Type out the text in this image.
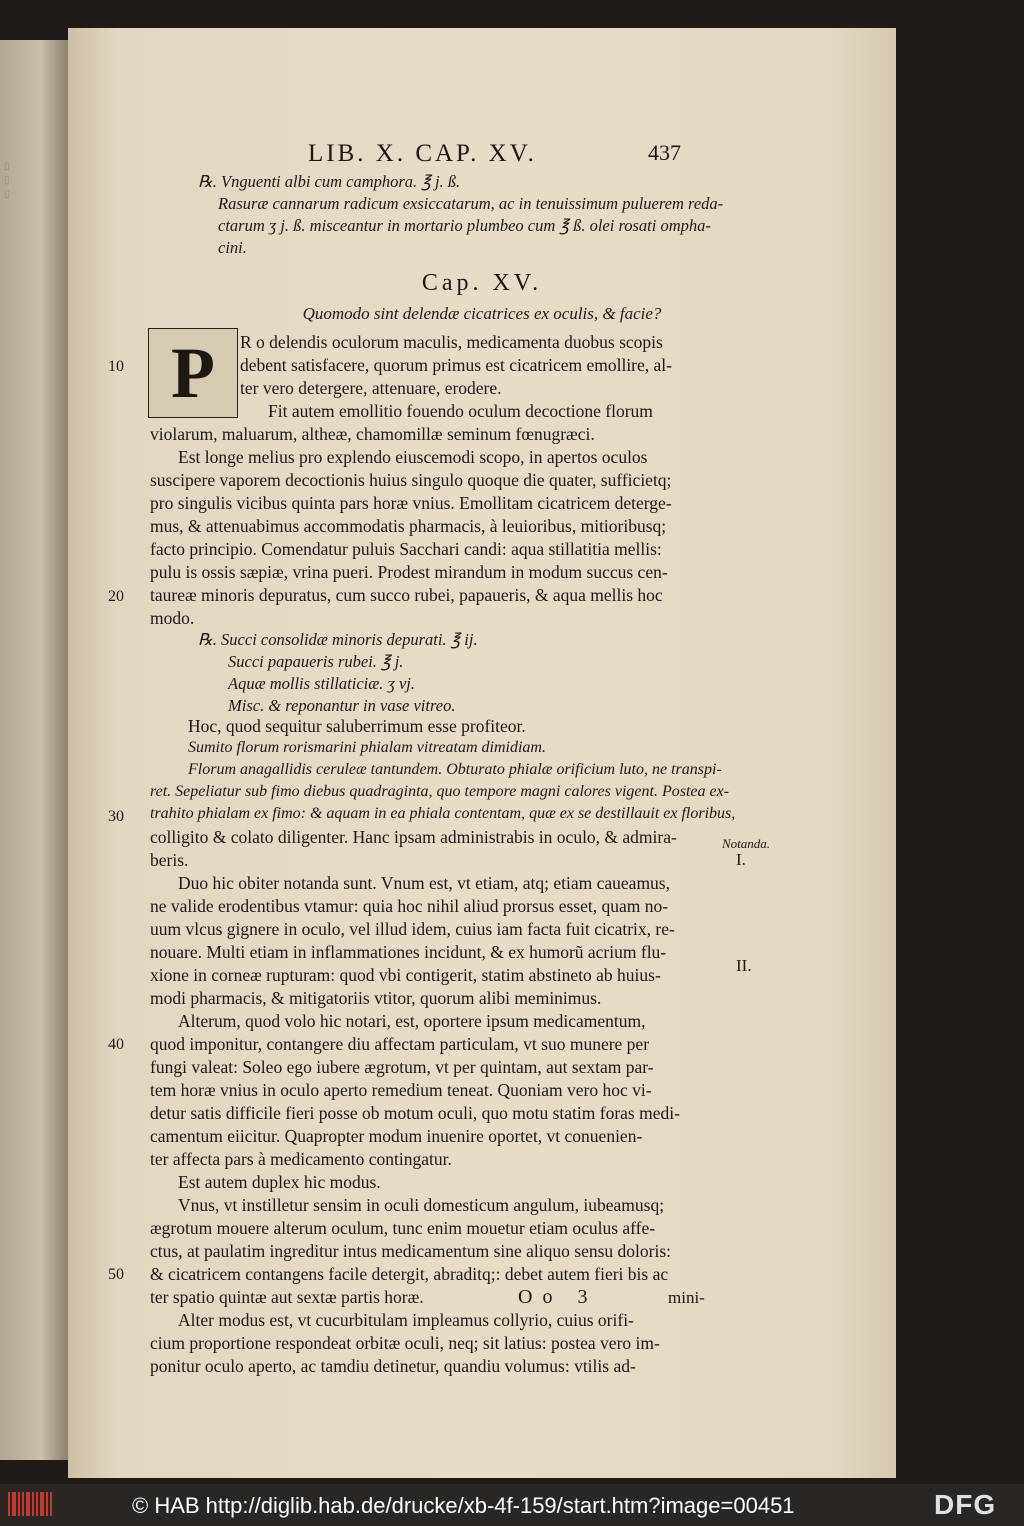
▯
▯
▯
LIB. X. CAP. XV.	437
℞. Vnguenti albi cum camphora. ℥ j. ß.
Rasuræ cannarum radicum exsiccatarum, ac in tenuissimum puluerem reda-
ctarum ʒ j. ß. misceantur in mortario plumbeo cum ℥ ß. olei rosati ompha-
cini.
Cap. XV.
Quomodo sint delendæ cicatrices ex oculis, & facie?
P	R o delendis oculorum maculis, medicamenta duobus scopis
debent satisfacere, quorum primus est cicatricem emollire, al-
ter vero detergere, attenuare, erodere.
Fit autem emollitio fouendo oculum decoctione florum
violarum, maluarum, altheæ, chamomillæ seminum fœnugræci.
Est longe melius pro explendo eiuscemodi scopo, in apertos oculos
suscipere vaporem decoctionis huius singulo quoque die quater, sufficietq;
pro singulis vicibus quinta pars horæ vnius. Emollitam cicatricem deterge-
mus, & attenuabimus accommodatis pharmacis, à leuioribus, mitioribusq;
facto principio. Comendatur puluis Sacchari candi: aqua stillatitia mellis:
pulu is ossis sæpiæ, vrina pueri. Prodest mirandum in modum succus cen-
taureæ minoris depuratus, cum succo rubei, papaueris, & aqua mellis hoc
modo.
℞. Succi consolidæ minoris depurati. ℥ ij.
Succi papaueris rubei. ℥ j.
Aquæ mollis stillaticiæ. ʒ vj.
Misc. & reponantur in vase vitreo.
Hoc, quod sequitur saluberrimum esse profiteor.
Sumito florum rorismarini phialam vitreatam dimidiam.
Florum anagallidis ceruleæ tantundem. Obturato phialæ orificium luto, ne transpi-
ret. Sepeliatur sub fimo diebus quadraginta, quo tempore magni calores vigent. Postea ex-
trahito phialam ex fimo: & aquam in ea phiala contentam, quæ ex se destillauit ex floribus,
colligito & colato diligenter. Hanc ipsam administrabis in oculo, & admira-
beris.
Duo hic obiter notanda sunt. Vnum est, vt etiam, atq; etiam caueamus,
ne valide erodentibus vtamur: quia hoc nihil aliud prorsus esset, quam no-
uum vlcus gignere in oculo, vel illud idem, cuius iam facta fuit cicatrix, re-
nouare. Multi etiam in inflammationes incidunt, & ex humorũ acrium flu-
xione in corneæ rupturam: quod vbi contigerit, statim abstineto ab huius-
modi pharmacis, & mitigatoriis vtitor, quorum alibi meminimus.
Alterum, quod volo hic notari, est, oportere ipsum medicamentum,
quod imponitur, contangere diu affectam particulam, vt suo munere per
fungi valeat: Soleo ego iubere ægrotum, vt per quintam, aut sextam par-
tem horæ vnius in oculo aperto remedium teneat. Quoniam vero hoc vi-
detur satis difficile fieri posse ob motum oculi, quo motu statim foras medi-
camentum eiicitur. Quapropter modum inuenire oportet, vt conuenien-
ter affecta pars à medicamento contingatur.
Est autem duplex hic modus.
Vnus, vt instilletur sensim in oculi domesticum angulum, iubeamusq;
ægrotum mouere alterum oculum, tunc enim mouetur etiam oculus affe-
ctus, at paulatim ingreditur intus medicamentum sine aliquo sensu doloris:
& cicatricem contangens facile detergit, abraditq;: debet autem fieri bis ac
ter spatio quintæ aut sextæ partis horæ.
Alter modus est, vt cucurbitulam impleamus collyrio, cuius orifi-
cium proportione respondeat orbitæ oculi, neq; sit latius: postea vero im-
ponitur oculo aperto, ac tamdiu detinetur, quandiu volumus: vtilis ad-
10
20
30
40
50
Notanda.
I.
II.
Oo 3	mini-
© HAB http://diglib.hab.de/drucke/xb-4f-159/start.htm?image=00451	DFG
